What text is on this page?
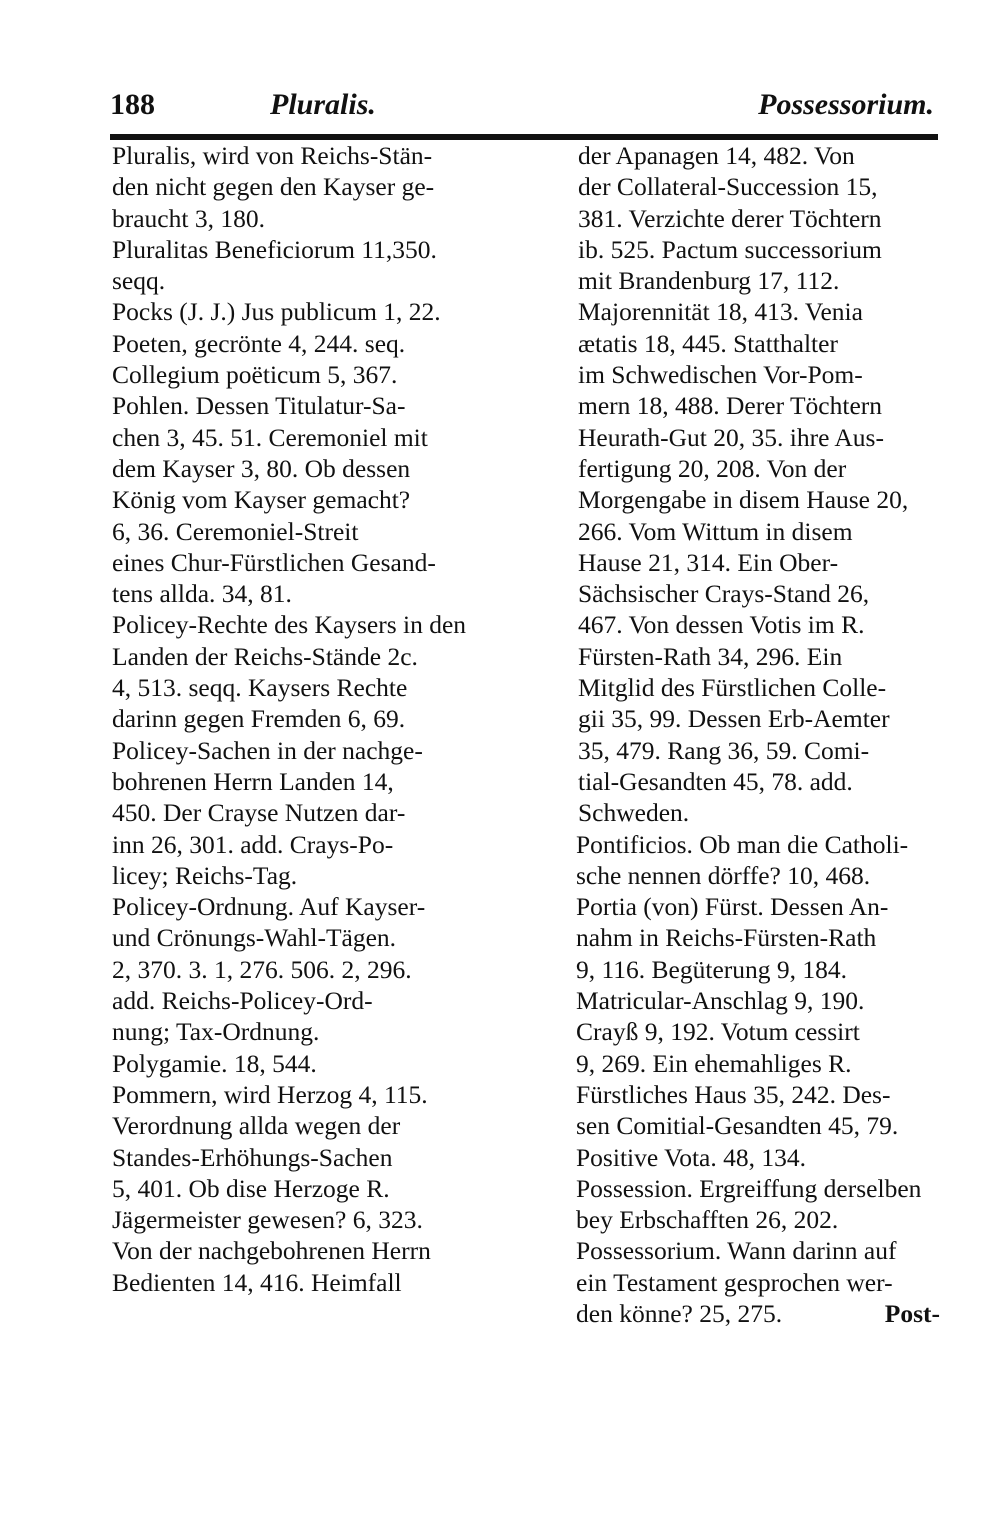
188	Pluralis.	Possessorium.
Pluralis, wird von Reichs-Stän-
den nicht gegen den Kayser ge-
braucht 3, 180.
Pluralitas Beneficiorum 11,350.
seqq.
Pocks (J. J.) Jus publicum 1, 22.
Poeten, gecrönte 4, 244. seq.
Collegium poëticum 5, 367.
Pohlen. Dessen Titulatur-Sa-
chen 3, 45. 51. Ceremoniel mit
dem Kayser 3, 80. Ob dessen
König vom Kayser gemacht?
6, 36. Ceremoniel-Streit
eines Chur-Fürstlichen Gesand-
tens allda. 34, 81.
Policey-Rechte des Kaysers in den
Landen der Reichs-Stände 2c.
4, 513. seqq. Kaysers Rechte
darinn gegen Fremden 6, 69.
Policey-Sachen in der nachge-
bohrenen Herrn Landen 14,
450. Der Crayse Nutzen dar-
inn 26, 301. add. Crays-Po-
licey; Reichs-Tag.
Policey-Ordnung. Auf Kayser-
und Crönungs-Wahl-Tägen.
2, 370. 3. 1, 276. 506. 2, 296.
add. Reichs-Policey-Ord-
nung; Tax-Ordnung.
Polygamie. 18, 544.
Pommern, wird Herzog 4, 115.
Verordnung allda wegen der
Standes-Erhöhungs-Sachen
5, 401. Ob dise Herzoge R.
Jägermeister gewesen? 6, 323.
Von der nachgebohrenen Herrn
Bedienten 14, 416. Heimfall
der Apanagen 14, 482. Von
der Collateral-Succession 15,
381. Verzichte derer Töchtern
ib. 525. Pactum successorium
mit Brandenburg 17, 112.
Majorennität 18, 413. Venia
ætatis 18, 445. Statthalter
im Schwedischen Vor-Pom-
mern 18, 488. Derer Töchtern
Heurath-Gut 20, 35. ihre Aus-
fertigung 20, 208. Von der
Morgengabe in disem Hause 20,
266. Vom Wittum in disem
Hause 21, 314. Ein Ober-
Sächsischer Crays-Stand 26,
467. Von dessen Votis im R.
Fürsten-Rath 34, 296. Ein
Mitglid des Fürstlichen Colle-
gii 35, 99. Dessen Erb-Aemter
35, 479. Rang 36, 59. Comi-
tial-Gesandten 45, 78. add.
Schweden.
Pontificios. Ob man die Catholi-
sche nennen dörffe? 10, 468.
Portia (von) Fürst. Dessen An-
nahm in Reichs-Fürsten-Rath
9, 116. Begüterung 9, 184.
Matricular-Anschlag 9, 190.
Crayß 9, 192. Votum cessirt
9, 269. Ein ehemahliges R.
Fürstliches Haus 35, 242. Des-
sen Comitial-Gesandten 45, 79.
Positive Vota. 48, 134.
Possession. Ergreiffung derselben
bey Erbschafften 26, 202.
Possessorium. Wann darinn auf
ein Testament gesprochen wer-
den könne? 25, 275.	Post-
